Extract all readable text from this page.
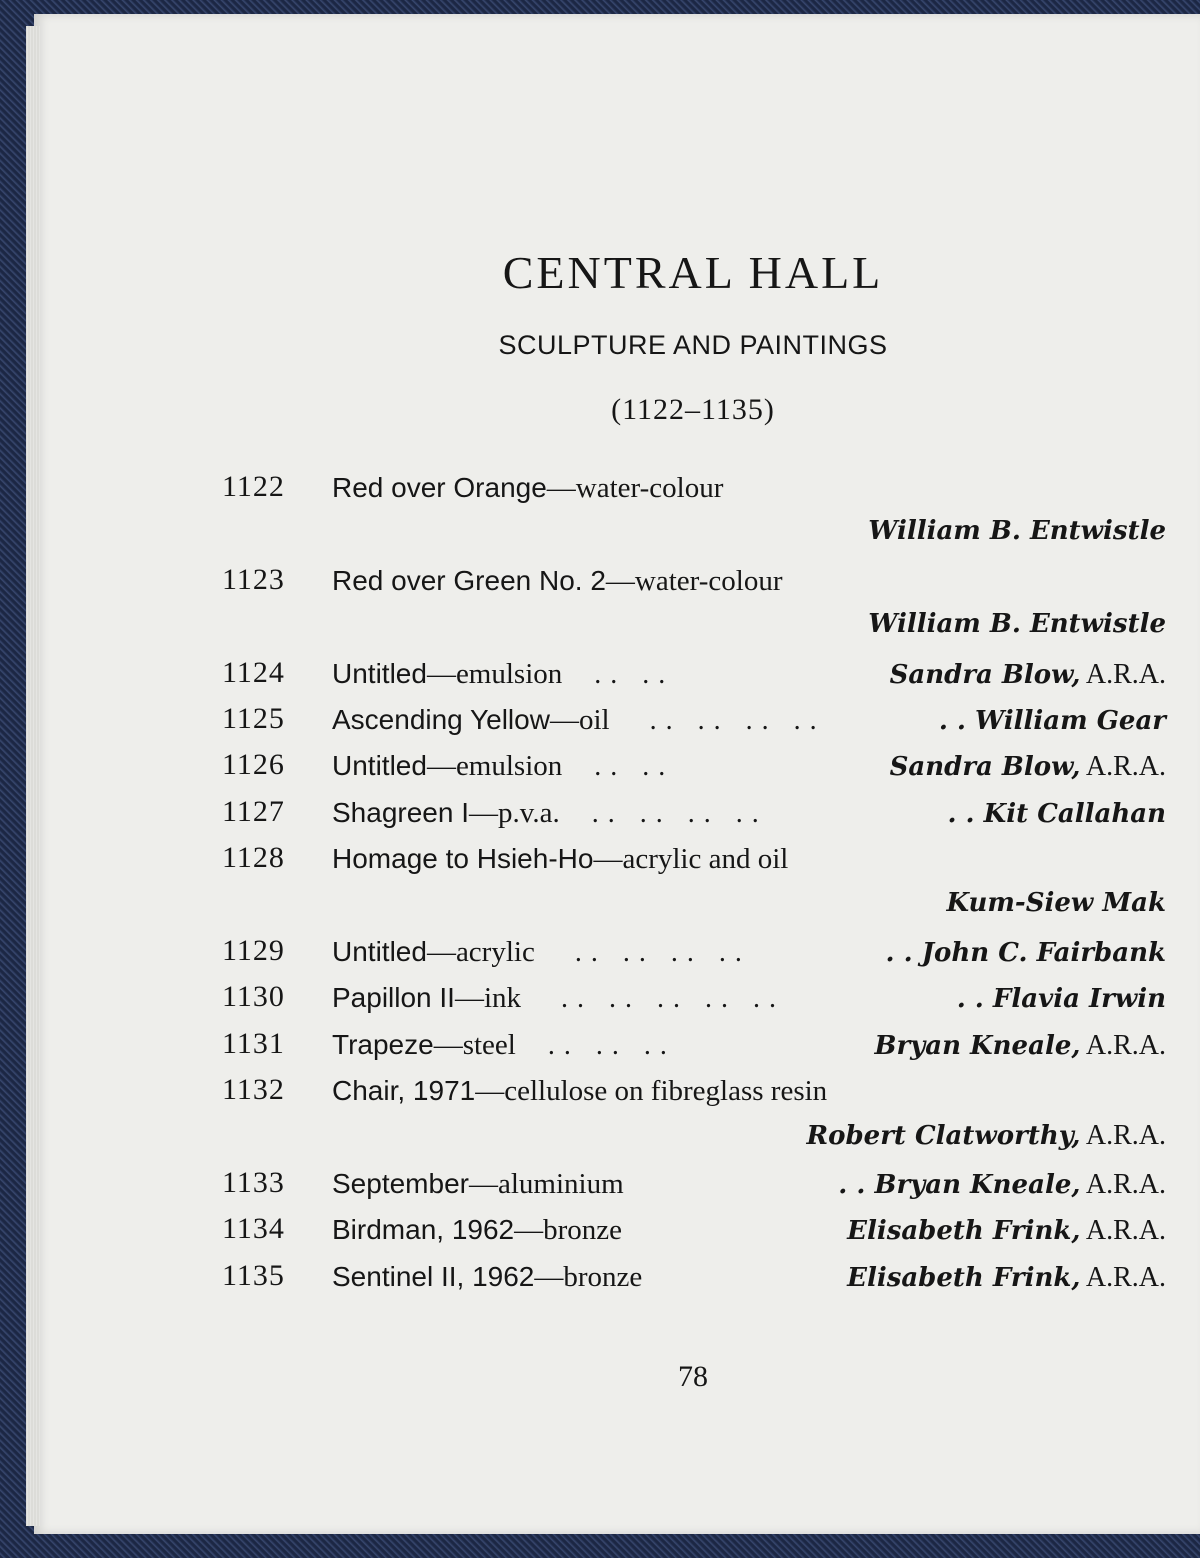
CENTRAL HALL
SCULPTURE AND PAINTINGS
(1122–1135)
1122 Red over Orange—water-colour
William B. Entwistle
1123 Red over Green No. 2—water-colour
William B. Entwistle
1124 Untitled—emulsion    . .   . .	Sandra Blow, A.R.A.
1125 Ascending Yellow—oil     . .   . .   . .   . .	. . William Gear
1126 Untitled—emulsion    . .   . .	Sandra Blow, A.R.A.
1127 Shagreen I—p.v.a.    . .   . .   . .   . .	. . Kit Callahan
1128 Homage to Hsieh-Ho—acrylic and oil
Kum-Siew Mak
1129 Untitled—acrylic     . .   . .   . .   . .	. . John C. Fairbank
1130 Papillon II—ink     . .   . .   . .   . .   . .	. . Flavia Irwin
1131 Trapeze—steel    . .   . .   . .	Bryan Kneale, A.R.A.
1132 Chair, 1971—cellulose on fibreglass resin
Robert Clatworthy, A.R.A.
1133 September—aluminium	. . Bryan Kneale, A.R.A.
1134 Birdman, 1962—bronze	Elisabeth Frink, A.R.A.
1135 Sentinel II, 1962—bronze	Elisabeth Frink, A.R.A.
78
